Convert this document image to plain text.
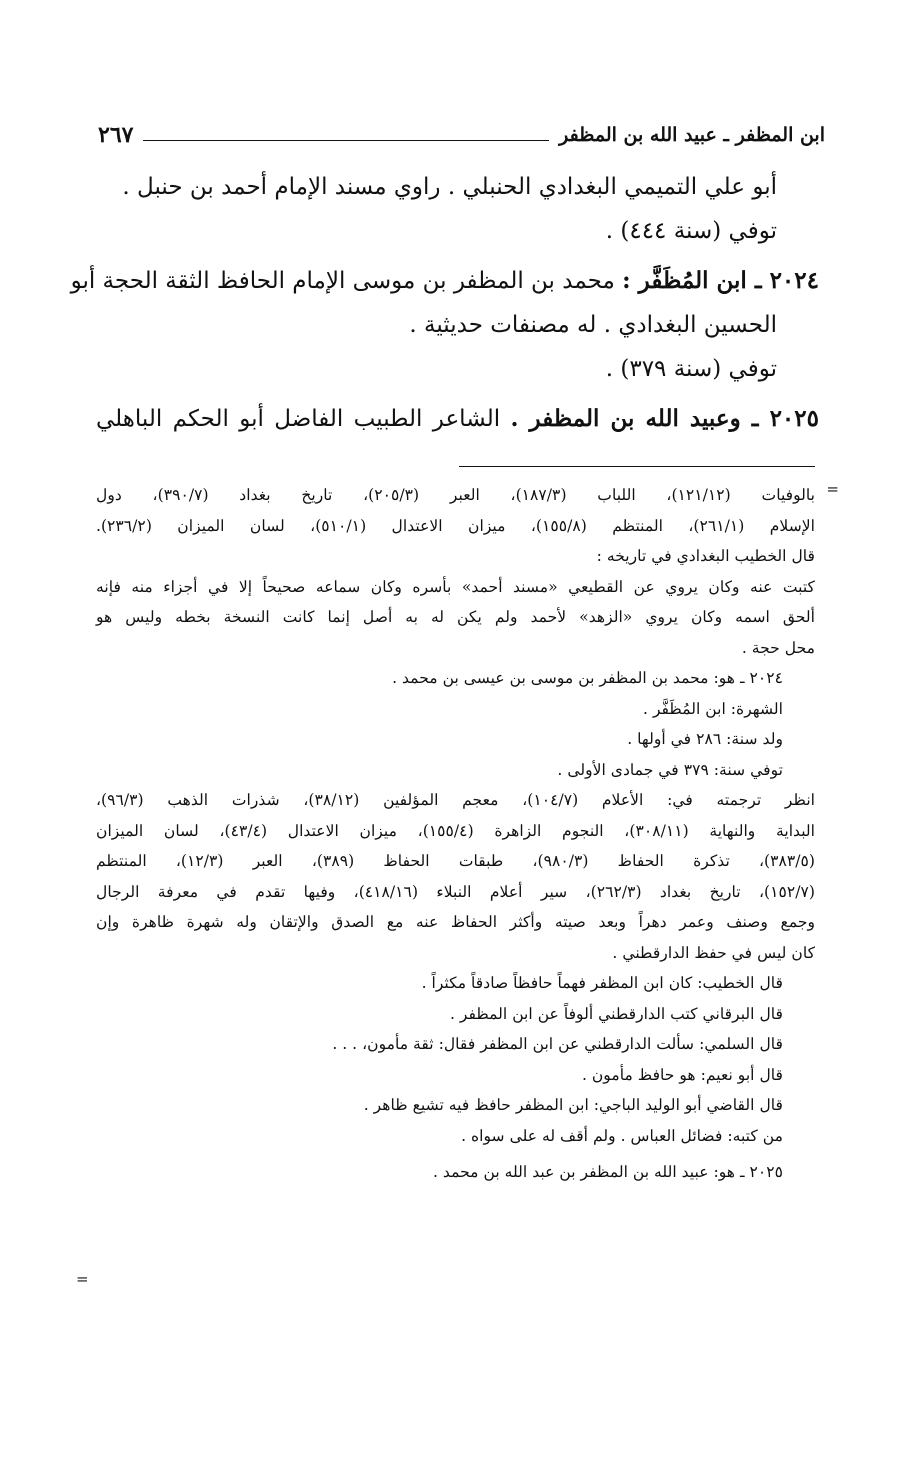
ابن المظفر ـ عبيد الله بن المظفر
٢٦٧
أبو علي التميمي البغدادي الحنبلي . راوي مسند الإمام أحمد بن حنبل .
توفي (سنة ٤٤٤) .
٢٠٢٤ ـ ابن المُظَفَّر : محمد بن المظفر بن موسى الإمام الحافظ الثقة الحجة أبو
الحسين البغدادي . له مصنفات حديثية .
توفي (سنة ٣٧٩) .
٢٠٢٥ ـ وعبيد الله بن المظفر . الشاعر الطبيب الفاضل أبو الحكم الباهلي
=
بالوفيات (١٢١/١٢)، اللباب (١٨٧/٣)، العبر (٢٠٥/٣)، تاريخ بغداد (٣٩٠/٧)، دول
الإسلام (٢٦١/١)، المنتظم (١٥٥/٨)، ميزان الاعتدال (٥١٠/١)، لسان الميزان (٢٣٦/٢).
قال الخطيب البغدادي في تاريخه :
كتبت عنه وكان يروي عن القطيعي «مسند أحمد» بأسره وكان سماعه صحيحاً إلا في أجزاء منه فإنه
ألحق اسمه وكان يروي «الزهد» لأحمد ولم يكن له به أصل إنما كانت النسخة بخطه وليس هو
محل حجة .
٢٠٢٤ ـ هو: محمد بن المظفر بن موسى بن عيسى بن محمد .
الشهرة: ابن المُظَفَّر .
ولد سنة: ٢٨٦ في أولها .
توفي سنة: ٣٧٩ في جمادى الأولى .
انظر ترجمته في: الأعلام (١٠٤/٧)، معجم المؤلفين (٣٨/١٢)، شذرات الذهب (٩٦/٣)،
البداية والنهاية (٣٠٨/١١)، النجوم الزاهرة (١٥٥/٤)، ميزان الاعتدال (٤٣/٤)، لسان الميزان
(٣٨٣/٥)، تذكرة الحفاظ (٩٨٠/٣)، طبقات الحفاظ (٣٨٩)، العبر (١٢/٣)، المنتظم
(١٥٢/٧)، تاريخ بغداد (٢٦٢/٣)، سير أعلام النبلاء (٤١٨/١٦)، وفيها تقدم في معرفة الرجال
وجمع وصنف وعمر دهراً وبعد صيته وأكثر الحفاظ عنه مع الصدق والإتقان وله شهرة ظاهرة وإن
كان ليس في حفظ الدارقطني .
قال الخطيب: كان ابن المظفر فهماً حافظاً صادقاً مكثراً .
قال البرقاني كتب الدارقطني ألوفاً عن ابن المظفر .
قال السلمي: سألت الدارقطني عن ابن المظفر فقال: ثقة مأمون، . . .
قال أبو نعيم: هو حافظ مأمون .
قال القاضي أبو الوليد الباجي: ابن المظفر حافظ فيه تشيع ظاهر .
من كتبه: فضائل العباس . ولم أقف له على سواه .
٢٠٢٥ ـ هو: عبيد الله بن المظفر بن عبد الله بن محمد .
=
